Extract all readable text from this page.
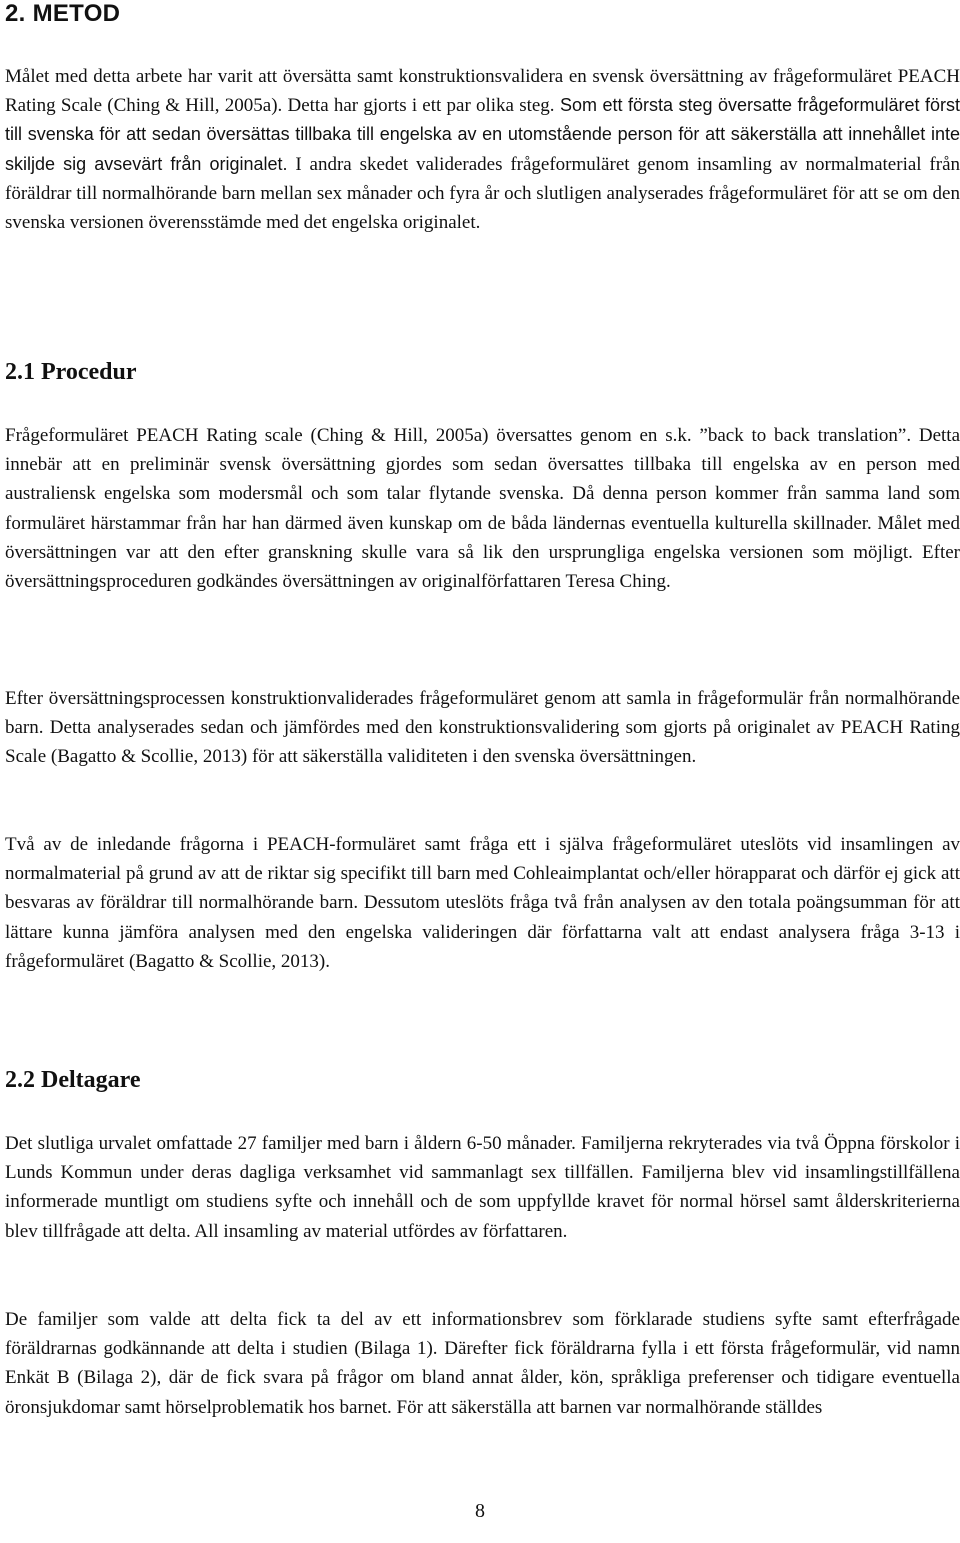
2. METOD

Målet med detta arbete har varit att översätta samt konstruktionsvalidera en svensk översättning av frågeformuläret PEACH Rating Scale (Ching & Hill, 2005a). Detta har gjorts i ett par olika steg. Som ett första steg översatte frågeformuläret först till svenska för att sedan översättas tillbaka till engelska av en utomstående person för att säkerställa att innehållet inte skiljde sig avsevärt från originalet. I andra skedet validerades frågeformuläret genom insamling av normalmaterial från föräldrar till normalhörande barn mellan sex månader och fyra år och slutligen analyserades frågeformuläret för att se om den svenska versionen överensstämde med det engelska originalet.

2.1 Procedur

Frågeformuläret PEACH Rating scale (Ching & Hill, 2005a) översattes genom en s.k. ”back to back translation”. Detta innebär att en preliminär svensk översättning gjordes som sedan översattes tillbaka till engelska av en person med australiensk engelska som modersmål och som talar flytande svenska. Då denna person kommer från samma land som formuläret härstammar från har han därmed även kunskap om de båda ländernas eventuella kulturella skillnader. Målet med översättningen var att den efter granskning skulle vara så lik den ursprungliga engelska versionen som möjligt. Efter översättningsproceduren godkändes översättningen av originalförfattaren Teresa Ching.

Efter översättningsprocessen konstruktionvaliderades frågeformuläret genom att samla in frågeformulär från normalhörande barn. Detta analyserades sedan och jämfördes med den konstruktionsvalidering som gjorts på originalet av PEACH Rating Scale (Bagatto & Scollie, 2013) för att säkerställa validiteten i den svenska översättningen.

Två av de inledande frågorna i PEACH-formuläret samt fråga ett i själva frågeformuläret uteslöts vid insamlingen av normalmaterial på grund av att de riktar sig specifikt till barn med Cohleaimplantat och/eller hörapparat och därför ej gick att besvaras av föräldrar till normalhörande barn. Dessutom uteslöts fråga två från analysen av den totala poängsumman för att lättare kunna jämföra analysen med den engelska valideringen där författarna valt att endast analysera fråga 3-13 i frågeformuläret (Bagatto & Scollie, 2013).

2.2 Deltagare

Det slutliga urvalet omfattade 27 familjer med barn i åldern 6-50 månader. Familjerna rekryterades via två Öppna förskolor i Lunds Kommun under deras dagliga verksamhet vid sammanlagt sex tillfällen. Familjerna blev vid insamlingstillfällena informerade muntligt om studiens syfte och innehåll och de som uppfyllde kravet för normal hörsel samt ålderskriterierna blev tillfrågade att delta. All insamling av material utfördes av författaren.

De familjer som valde att delta fick ta del av ett informationsbrev som förklarade studiens syfte samt efterfrågade föräldrarnas godkännande att delta i studien (Bilaga 1). Därefter fick föräldrarna fylla i ett första frågeformulär, vid namn Enkät B (Bilaga 2), där de fick svara på frågor om bland annat ålder, kön, språkliga preferenser och tidigare eventuella öronsjukdomar samt hörselproblematik hos barnet. För att säkerställa att barnen var normalhörande ställdes

8
